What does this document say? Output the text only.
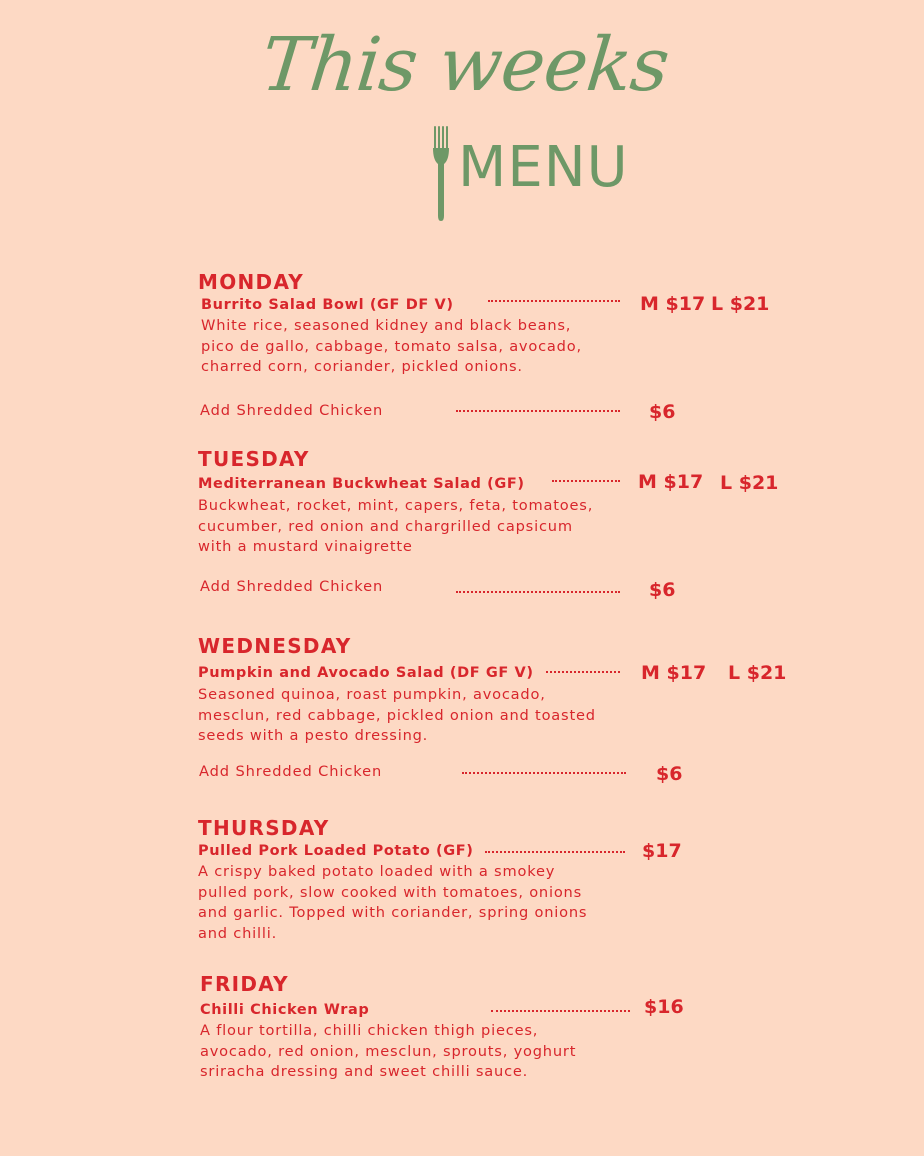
This weeks
MENU
MONDAY
Burrito Salad Bowl (GF DF V)	M $17 L $21
White rice, seasoned kidney and black beans,
pico de gallo, cabbage, tomato salsa, avocado,
charred corn, coriander, pickled onions.
Add Shredded Chicken	$6
TUESDAY
Mediterranean Buckwheat Salad (GF)	M $17 L $21
Buckwheat, rocket, mint, capers, feta, tomatoes,
cucumber, red onion and chargrilled capsicum
with a mustard vinaigrette
Add Shredded Chicken	$6
WEDNESDAY
Pumpkin and Avocado Salad (DF GF V)	M $17 L $21
Seasoned quinoa, roast pumpkin, avocado,
mesclun, red cabbage, pickled onion and toasted
seeds with a pesto dressing.
Add Shredded Chicken	$6
THURSDAY
Pulled Pork Loaded Potato (GF)	$17
A crispy baked potato loaded with a smokey
pulled pork, slow cooked with tomatoes, onions
and garlic. Topped with coriander, spring onions
and chilli.
FRIDAY
Chilli Chicken Wrap	$16
A flour tortilla, chilli chicken thigh pieces,
avocado, red onion, mesclun, sprouts, yoghurt
sriracha dressing and sweet chilli sauce.
